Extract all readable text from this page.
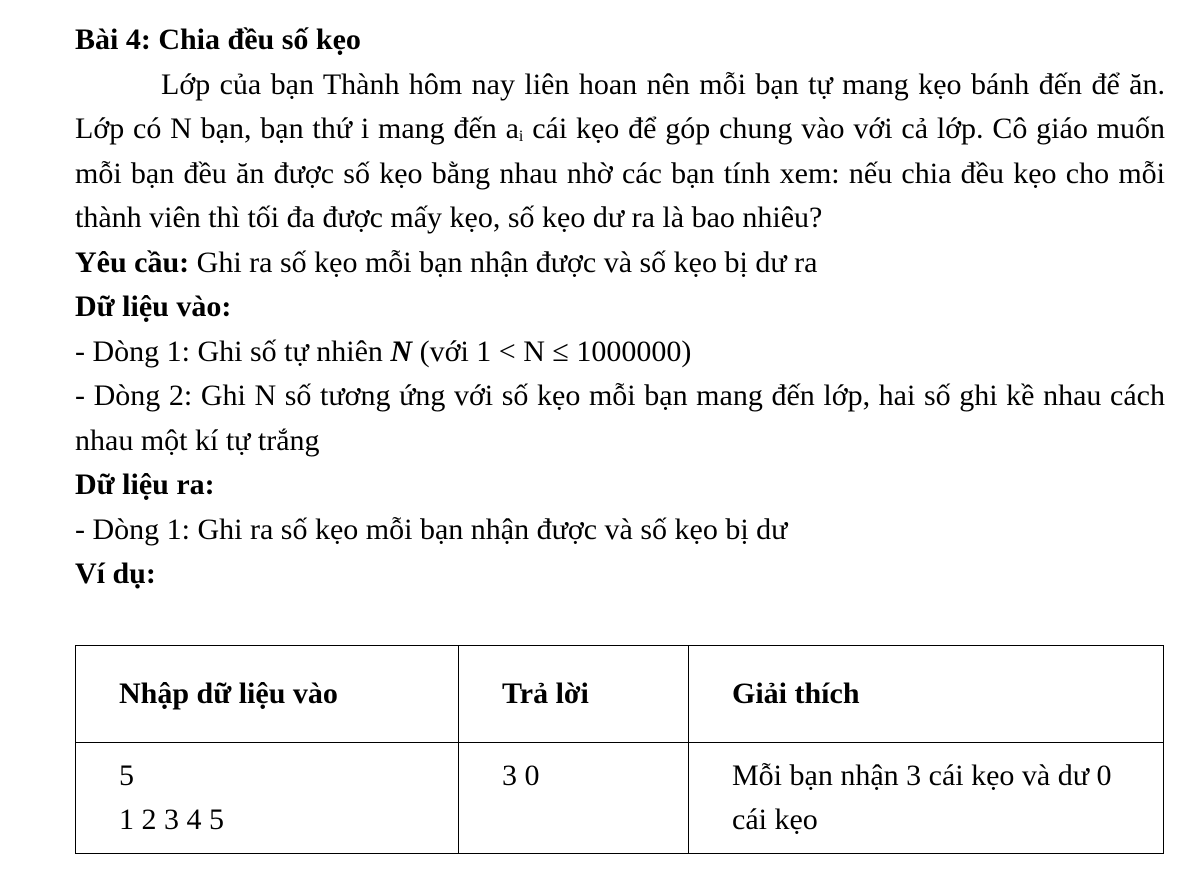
Bài 4: Chia đều số kẹo

Lớp của bạn Thành hôm nay liên hoan nên mỗi bạn tự mang kẹo bánh đến để ăn. Lớp có N bạn, bạn thứ i mang đến $a_i$ cái kẹo để góp chung vào với cả lớp. Cô giáo muốn mỗi bạn đều ăn được số kẹo bằng nhau nhờ các bạn tính xem: nếu chia đều kẹo cho mỗi thành viên thì tối đa được mấy kẹo, số kẹo dư ra là bao nhiêu?

Yêu cầu: Ghi ra số kẹo mỗi bạn nhận được và số kẹo bị dư ra

Dữ liệu vào:

- Dòng 1: Ghi số tự nhiên N (với 1 < N ≤ 1000000)

- Dòng 2: Ghi N số tương ứng với số kẹo mỗi bạn mang đến lớp, hai số ghi kề nhau cách nhau một kí tự trắng

Dữ liệu ra:

- Dòng 1: Ghi ra số kẹo mỗi bạn nhận được và số kẹo bị dư

Ví dụ:

Nhập dữ liệu vào	Trả lời	Giải thích

5
1 2 3 4 5	3 0	Mỗi bạn nhận 3 cái kẹo và dư 0 cái kẹo
